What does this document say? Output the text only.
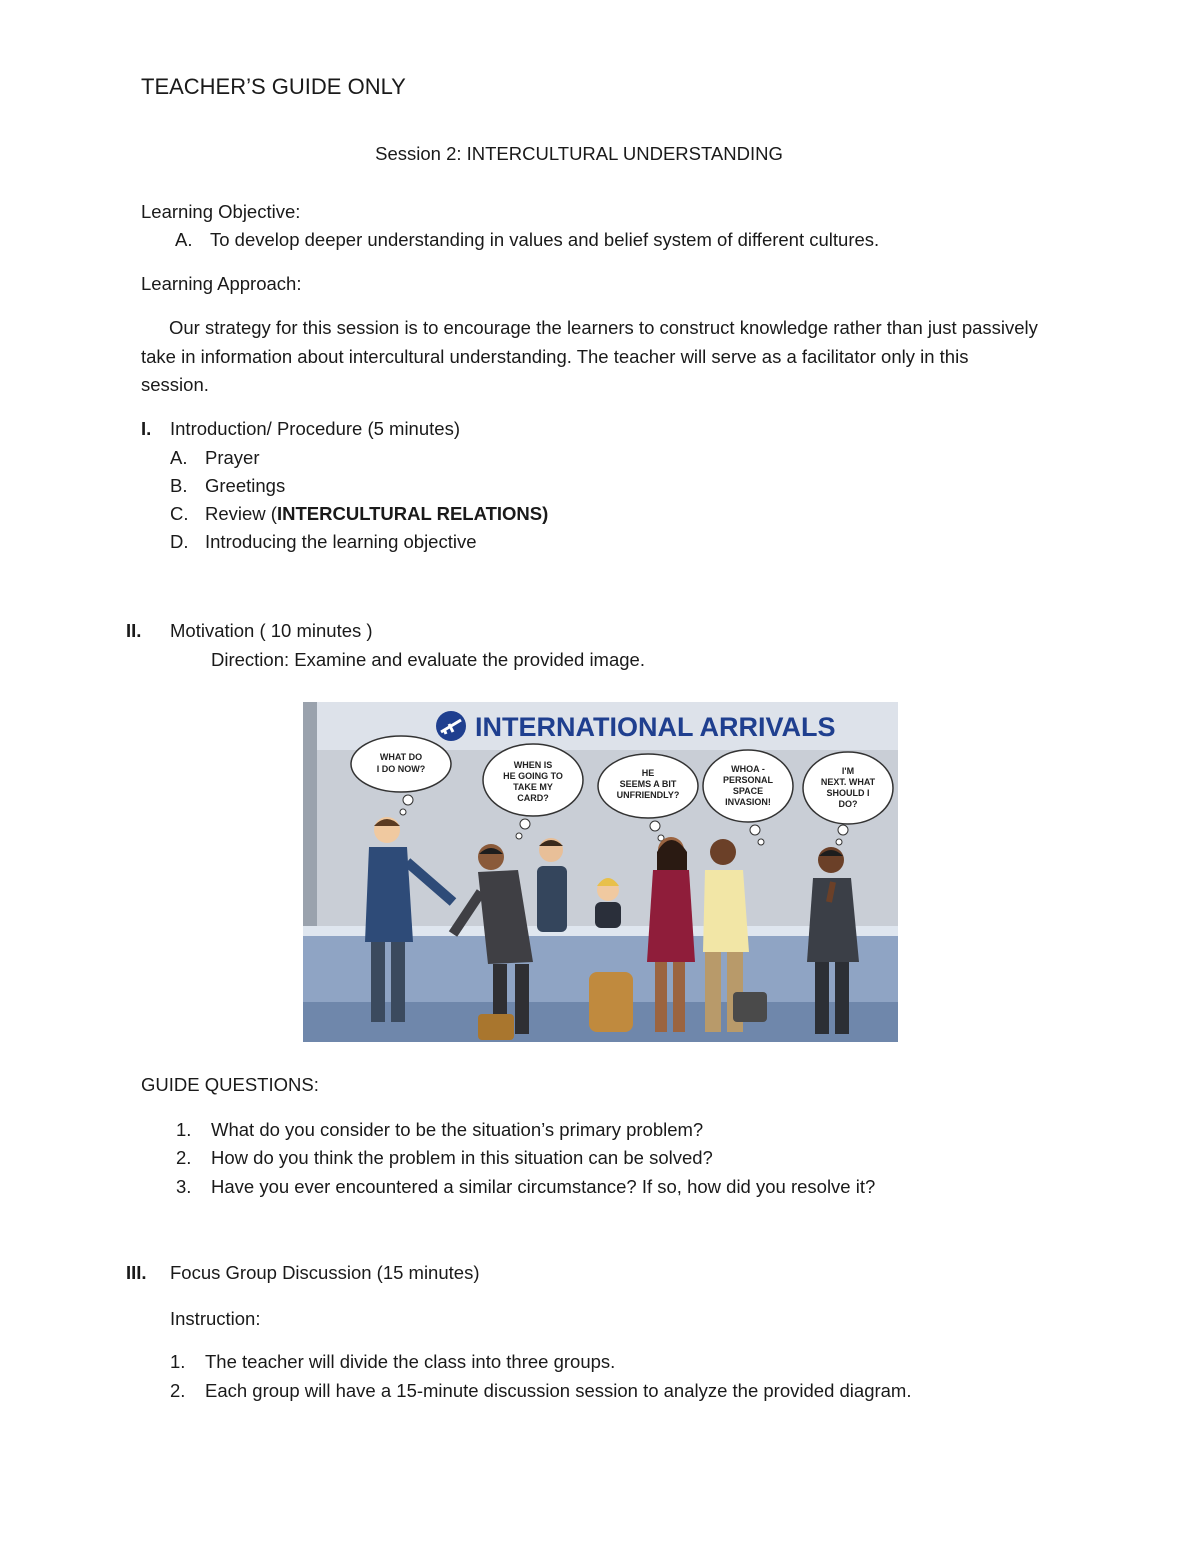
TEACHER’S GUIDE ONLY
Session 2: INTERCULTURAL UNDERSTANDING
Learning Objective:
A. To develop deeper understanding in values and belief system of different cultures.
Learning Approach:
Our strategy for this session is to encourage the learners to construct knowledge rather than just passively take in information about intercultural understanding. The teacher will serve as a facilitator only in this session.
I. Introduction/ Procedure (5 minutes)
A. Prayer
B. Greetings
C. Review (INTERCULTURAL RELATIONS)
D. Introducing the learning objective
II. Motivation ( 10 minutes )
Direction: Examine and evaluate the provided image.
INTERNATIONAL ARRIVALS
WHAT DO
I DO NOW?	WHEN IS
HE GOING TO
TAKE MY
CARD?
HE
SEEMS A BIT
UNFRIENDLY?
WHOA -
PERSONAL
SPACE
INVASION!
I'M
NEXT. WHAT
SHOULD I
DO?
GUIDE QUESTIONS:
1. What do you consider to be the situation’s primary problem?
2. How do you think the problem in this situation can be solved?
3. Have you ever encountered a similar circumstance? If so, how did you resolve it?
III. Focus Group Discussion (15 minutes)
Instruction:
1. The teacher will divide the class into three groups.
2. Each group will have a 15-minute discussion session to analyze the provided diagram.
